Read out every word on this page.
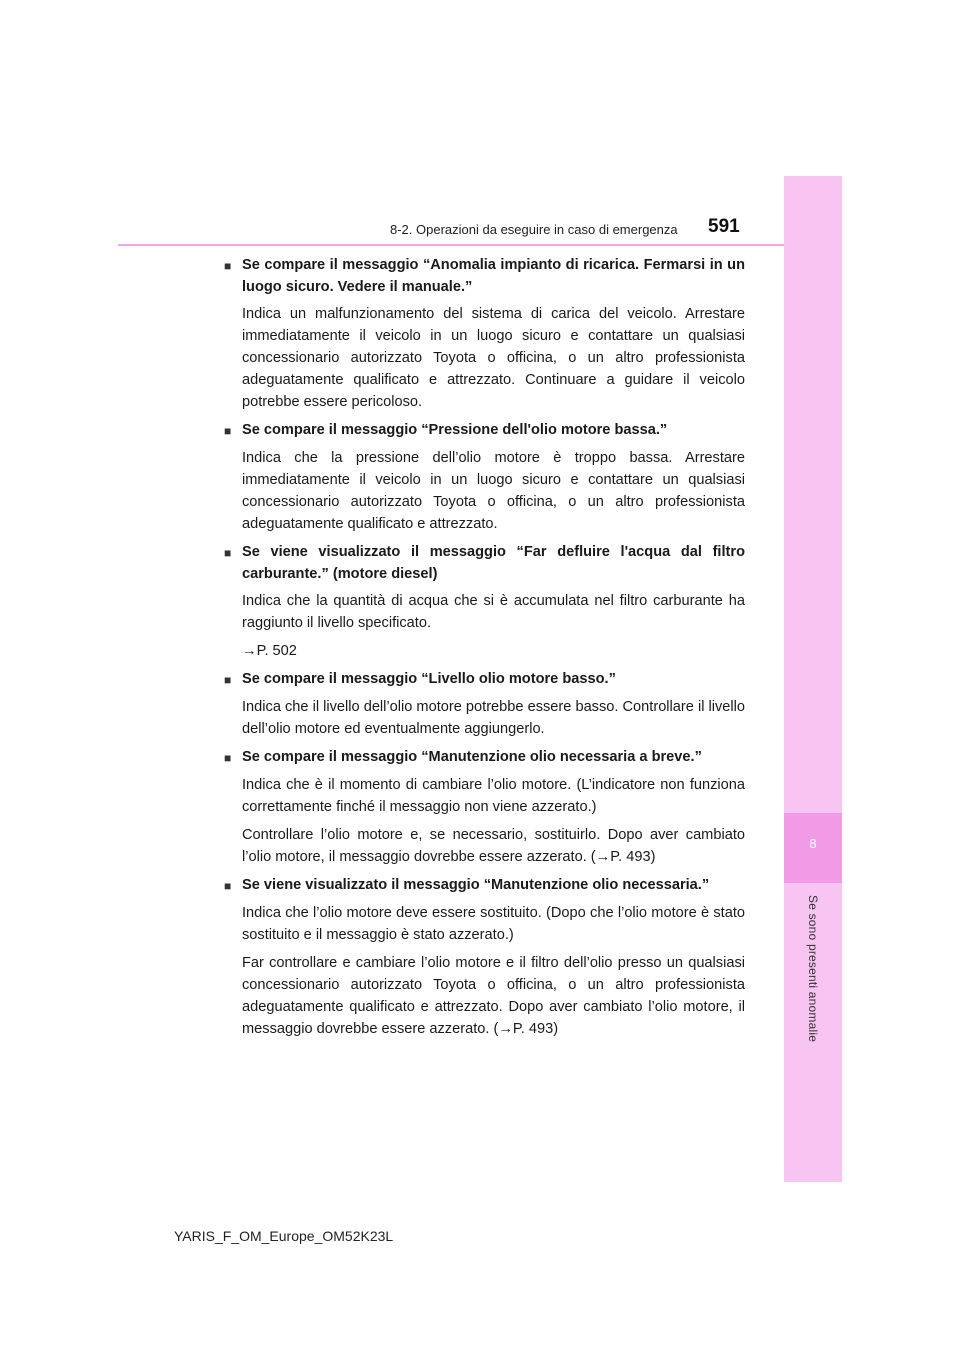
8
Se sono presenti anomalie
8-2. Operazioni da eseguire in caso di emergenza 591
■ Se compare il messaggio “Anomalia impianto di ricarica. Fermarsi in un luogo sicuro. Vedere il manuale.”

Indica un malfunzionamento del sistema di carica del veicolo. Arrestare immediatamente il veicolo in un luogo sicuro e contattare un qualsiasi concessionario autorizzato Toyota o officina, o un altro professionista adeguatamente qualificato e attrezzato. Continuare a guidare il veicolo potrebbe essere pericoloso.

■ Se compare il messaggio “Pressione dell'olio motore bassa.”

Indica che la pressione dell’olio motore è troppo bassa. Arrestare immediatamente il veicolo in un luogo sicuro e contattare un qualsiasi concessionario autorizzato Toyota o officina, o un altro professionista adeguatamente qualificato e attrezzato.

■ Se viene visualizzato il messaggio “Far defluire l'acqua dal filtro carburante.” (motore diesel)

Indica che la quantità di acqua che si è accumulata nel filtro carburante ha raggiunto il livello specificato.

→P. 502

■ Se compare il messaggio “Livello olio motore basso.”

Indica che il livello dell’olio motore potrebbe essere basso. Controllare il livello dell’olio motore ed eventualmente aggiungerlo.

■ Se compare il messaggio “Manutenzione olio necessaria a breve.”

Indica che è il momento di cambiare l’olio motore. (L’indicatore non funziona correttamente finché il messaggio non viene azzerato.)

Controllare l’olio motore e, se necessario, sostituirlo. Dopo aver cambiato l’olio motore, il messaggio dovrebbe essere azzerato. (→P. 493)

■ Se viene visualizzato il messaggio “Manutenzione olio necessaria.”

Indica che l’olio motore deve essere sostituito. (Dopo che l’olio motore è stato sostituito e il messaggio è stato azzerato.)

Far controllare e cambiare l’olio motore e il filtro dell’olio presso un qualsiasi concessionario autorizzato Toyota o officina, o un altro professionista adeguatamente qualificato e attrezzato. Dopo aver cambiato l’olio motore, il messaggio dovrebbe essere azzerato. (→P. 493)

YARIS_F_OM_Europe_OM52K23L
